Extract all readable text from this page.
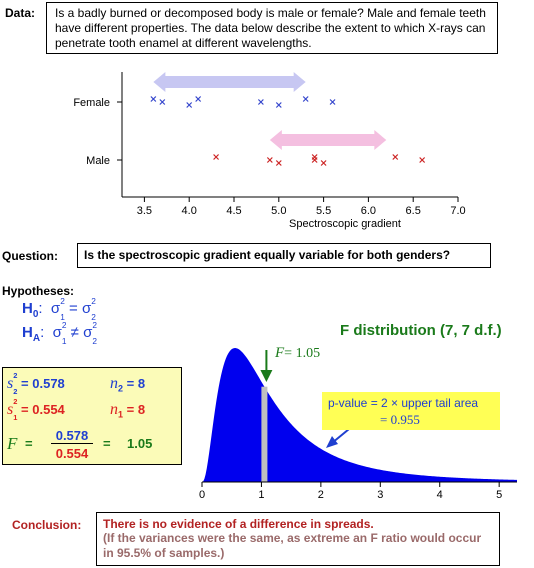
Data:	Is a badly burned or decomposed body is male or female? Male and female teeth have different properties. The data below describe the extent to which X-rays can penetrate tooth enamel at different wavelengths.
Female
Male
3.5	4.0	4.5	5.0	5.5	6.0	6.5	7.0
Spectroscopic gradient
Question:	Is the spectroscopic gradient equally variable for both genders?
Hypotheses:
$H_0$: σ 2
$_1$ = σ 2
$_2$
$H_A$: σ 2
$_1$ ≠ σ 2
$_2$
s 2
$_2$ = 0.578	$n_2 = 8$
s 2
$_1$ = 0.554	$n_1 = 8$
F =
0.578
0.554
= 1.05
F distribution (7, 7 d.f.)
0	1	2	3	4	5
F= 1.05
p-value = 2 × upper tail area
= 0.955
Conclusion: There is no evidence of a difference in spreads.
(If the variances were the same, as extreme an F ratio would occur in 95.5% of samples.)
